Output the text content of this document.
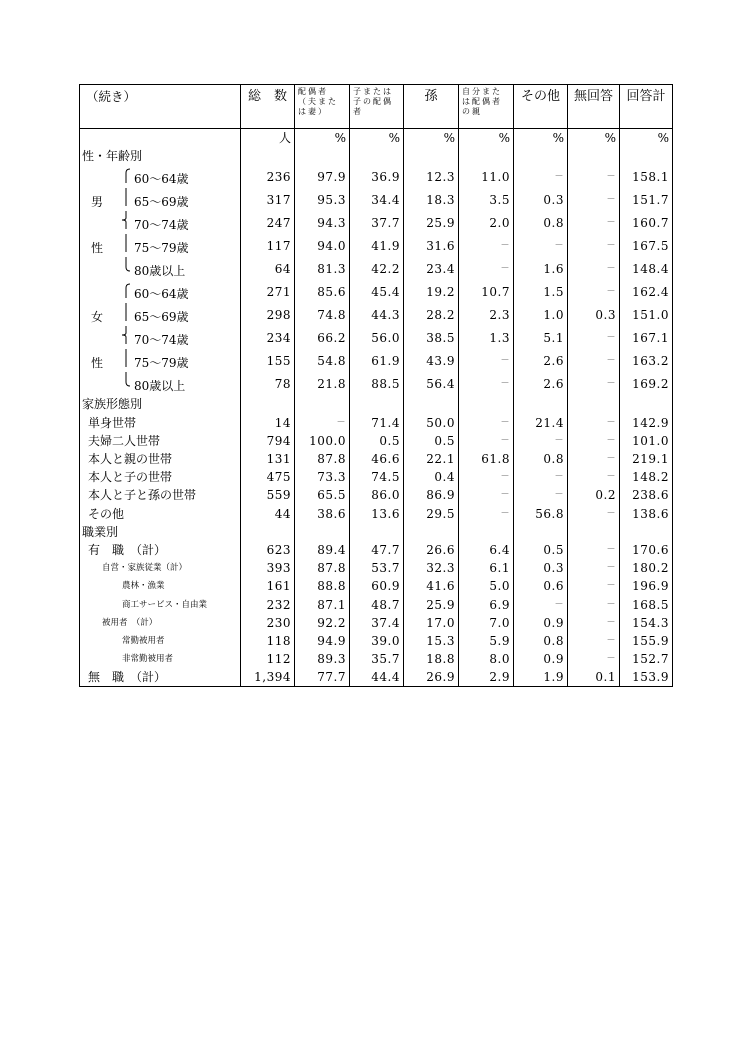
（続き）	総　数	配偶者（夫または妻）	子または子の配偶者	孫	自分または配偶者の親	その他	無回答	回答計
	人	%	%	%	%	%	%	%
性・年齢別								
60～64歳	236	97.9	36.9	12.3	11.0	－	－	158.1
男 65～69歳	317	95.3	34.4	18.3	3.5	0.3	－	151.7
70～74歳	247	94.3	37.7	25.9	2.0	0.8	－	160.7
性 75～79歳	117	94.0	41.9	31.6	－	－	－	167.5
80歳以上	64	81.3	42.2	23.4	－	1.6	－	148.4
60～64歳	271	85.6	45.4	19.2	10.7	1.5	－	162.4
女 65～69歳	298	74.8	44.3	28.2	2.3	1.0	0.3	151.0
70～74歳	234	66.2	56.0	38.5	1.3	5.1	－	167.1
性 75～79歳	155	54.8	61.9	43.9	－	2.6	－	163.2
80歳以上	78	21.8	88.5	56.4	－	2.6	－	169.2
家族形態別								
単身世帯	14	－	71.4	50.0	－	21.4	－	142.9
夫婦二人世帯	794	100.0	0.5	0.5	－	－	－	101.0
本人と親の世帯	131	87.8	46.6	22.1	61.8	0.8	－	219.1
本人と子の世帯	475	73.3	74.5	0.4	－	－	－	148.2
本人と子と孫の世帯	559	65.5	86.0	86.9	－	－	0.2	238.6
その他	44	38.6	13.6	29.5	－	56.8	－	138.6
職業別								
有　職　（計）	623	89.4	47.7	26.6	6.4	0.5	－	170.6
自営・家族従業（計）	393	87.8	53.7	32.3	6.1	0.3	－	180.2
農林・漁業	161	88.8	60.9	41.6	5.0	0.6	－	196.9
商工サービス・自由業	232	87.1	48.7	25.9	6.9	－	－	168.5
被用者　（計）	230	92.2	37.4	17.0	7.0	0.9	－	154.3
常勤被用者	118	94.9	39.0	15.3	5.9	0.8	－	155.9
非常勤被用者	112	89.3	35.7	18.8	8.0	0.9	－	152.7
無　職　（計）	1,394	77.7	44.4	26.9	2.9	1.9	0.1	153.9
